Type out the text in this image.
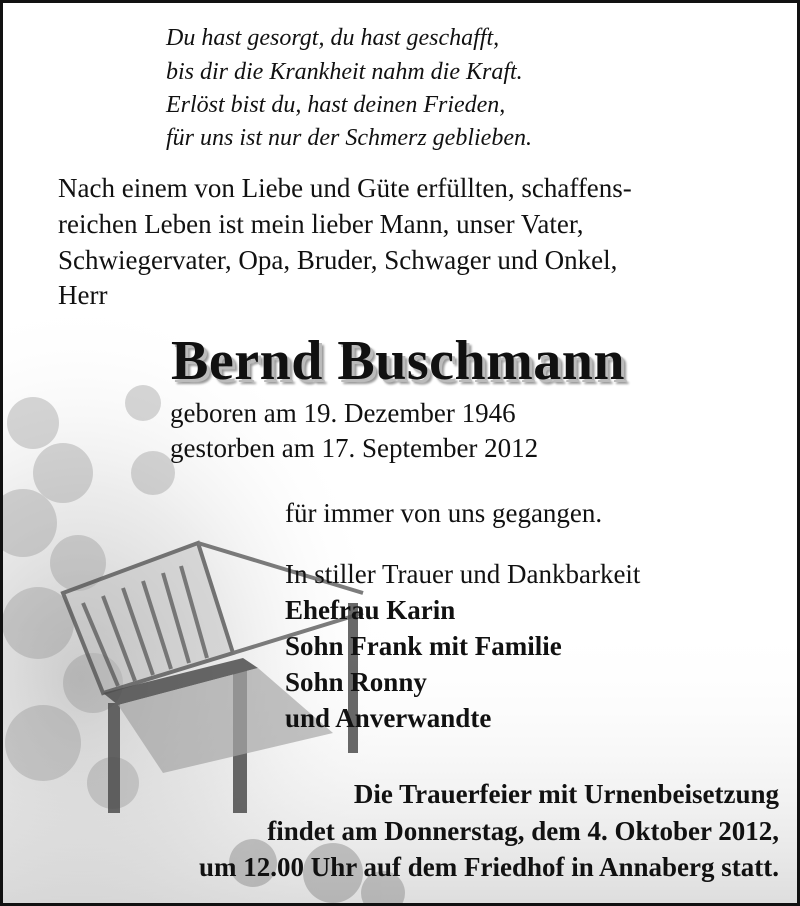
Du hast gesorgt, du hast geschafft,
bis dir die Krankheit nahm die Kraft.
Erlöst bist du, hast deinen Frieden,
für uns ist nur der Schmerz geblieben.
Nach einem von Liebe und Güte erfüllten, schaffens-
reichen Leben ist mein lieber Mann, unser Vater,
Schwiegervater, Opa, Bruder, Schwager und Onkel,
Herr
Bernd Buschmann
geboren am 19. Dezember 1946
gestorben am 17. September 2012
für immer von uns gegangen.
In stiller Trauer und Dankbarkeit
Ehefrau Karin
Sohn Frank mit Familie
Sohn Ronny
und Anverwandte
Die Trauerfeier mit Urnenbeisetzung
findet am Donnerstag, dem 4. Oktober 2012,
um 12.00 Uhr auf dem Friedhof in Annaberg statt.
